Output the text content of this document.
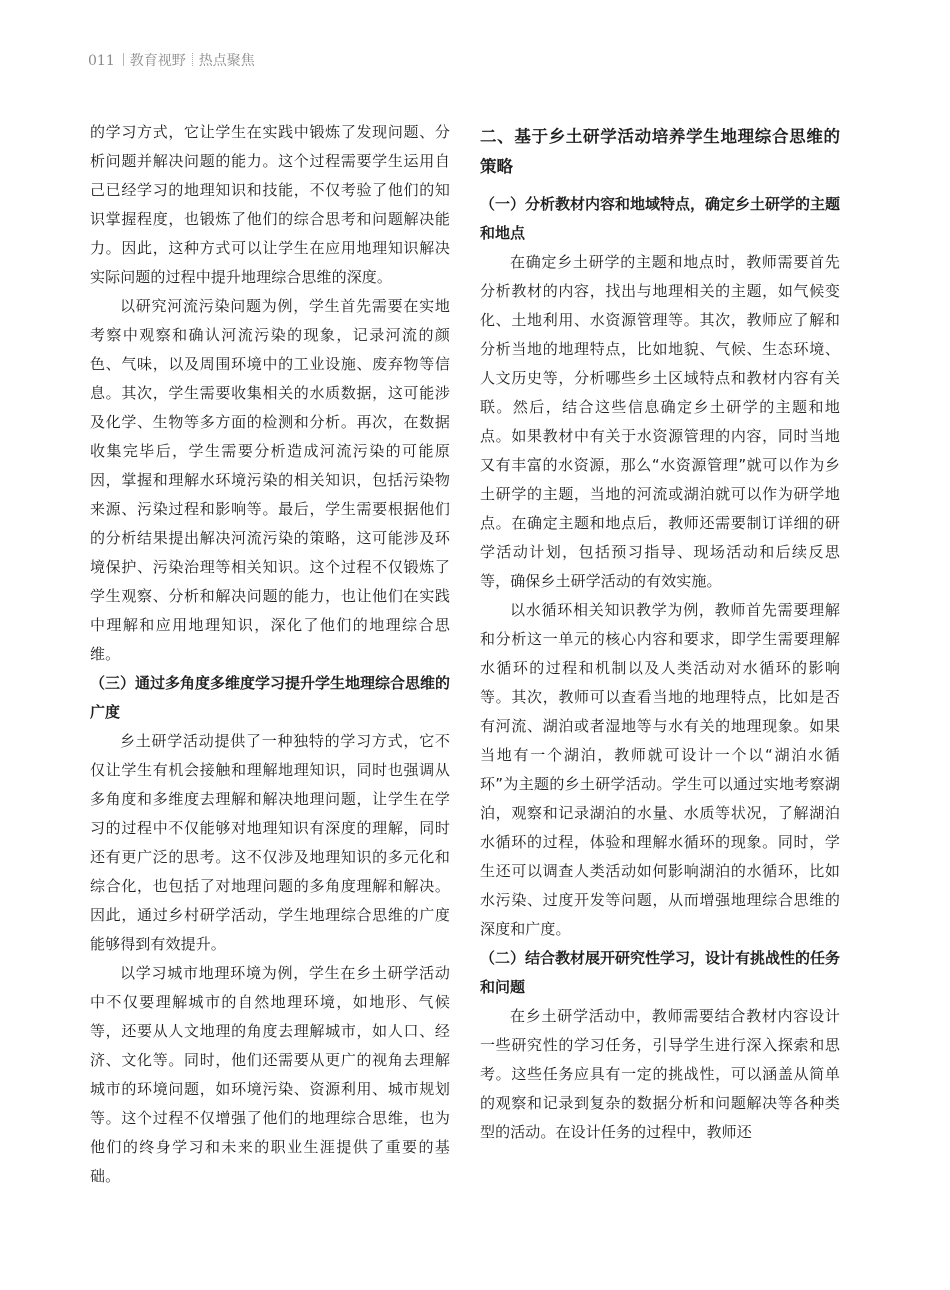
011 教育视野 热点聚焦

的学习方式，它让学生在实践中锻炼了发现问题、分析问题并解决问题的能力。这个过程需要学生运用自己已经学习的地理知识和技能，不仅考验了他们的知识掌握程度，也锻炼了他们的综合思考和问题解决能力。因此，这种方式可以让学生在应用地理知识解决实际问题的过程中提升地理综合思维的深度。

以研究河流污染问题为例，学生首先需要在实地考察中观察和确认河流污染的现象，记录河流的颜色、气味，以及周围环境中的工业设施、废弃物等信息。其次，学生需要收集相关的水质数据，这可能涉及化学、生物等多方面的检测和分析。再次，在数据收集完毕后，学生需要分析造成河流污染的可能原因，掌握和理解水环境污染的相关知识，包括污染物来源、污染过程和影响等。最后，学生需要根据他们的分析结果提出解决河流污染的策略，这可能涉及环境保护、污染治理等相关知识。这个过程不仅锻炼了学生观察、分析和解决问题的能力，也让他们在实践中理解和应用地理知识，深化了他们的地理综合思维。

（三）通过多角度多维度学习提升学生地理综合思维的广度

乡土研学活动提供了一种独特的学习方式，它不仅让学生有机会接触和理解地理知识，同时也强调从多角度和多维度去理解和解决地理问题，让学生在学习的过程中不仅能够对地理知识有深度的理解，同时还有更广泛的思考。这不仅涉及地理知识的多元化和综合化，也包括了对地理问题的多角度理解和解决。因此，通过乡村研学活动，学生地理综合思维的广度能够得到有效提升。

以学习城市地理环境为例，学生在乡土研学活动中不仅要理解城市的自然地理环境，如地形、气候等，还要从人文地理的角度去理解城市，如人口、经济、文化等。同时，他们还需要从更广的视角去理解城市的环境问题，如环境污染、资源利用、城市规划等。这个过程不仅增强了他们的地理综合思维，也为他们的终身学习和未来的职业生涯提供了重要的基础。

二、基于乡土研学活动培养学生地理综合思维的策略
（一）分析教材内容和地域特点，确定乡土研学的主题和地点

在确定乡土研学的主题和地点时，教师需要首先分析教材的内容，找出与地理相关的主题，如气候变化、土地利用、水资源管理等。其次，教师应了解和分析当地的地理特点，比如地貌、气候、生态环境、人文历史等，分析哪些乡土区域特点和教材内容有关联。然后，结合这些信息确定乡土研学的主题和地点。如果教材中有关于水资源管理的内容，同时当地又有丰富的水资源，那么“水资源管理”就可以作为乡土研学的主题，当地的河流或湖泊就可以作为研学地点。在确定主题和地点后，教师还需要制订详细的研学活动计划，包括预习指导、现场活动和后续反思等，确保乡土研学活动的有效实施。

以水循环相关知识教学为例，教师首先需要理解和分析这一单元的核心内容和要求，即学生需要理解水循环的过程和机制以及人类活动对水循环的影响等。其次，教师可以查看当地的地理特点，比如是否有河流、湖泊或者湿地等与水有关的地理现象。如果当地有一个湖泊，教师就可设计一个以“湖泊水循环”为主题的乡土研学活动。学生可以通过实地考察湖泊，观察和记录湖泊的水量、水质等状况，了解湖泊水循环的过程，体验和理解水循环的现象。同时，学生还可以调查人类活动如何影响湖泊的水循环，比如水污染、过度开发等问题，从而增强地理综合思维的深度和广度。

（二）结合教材展开研究性学习，设计有挑战性的任务和问题

在乡土研学活动中，教师需要结合教材内容设计一些研究性的学习任务，引导学生进行深入探索和思考。这些任务应具有一定的挑战性，可以涵盖从简单的观察和记录到复杂的数据分析和问题解决等各种类型的活动。在设计任务的过程中，教师还
